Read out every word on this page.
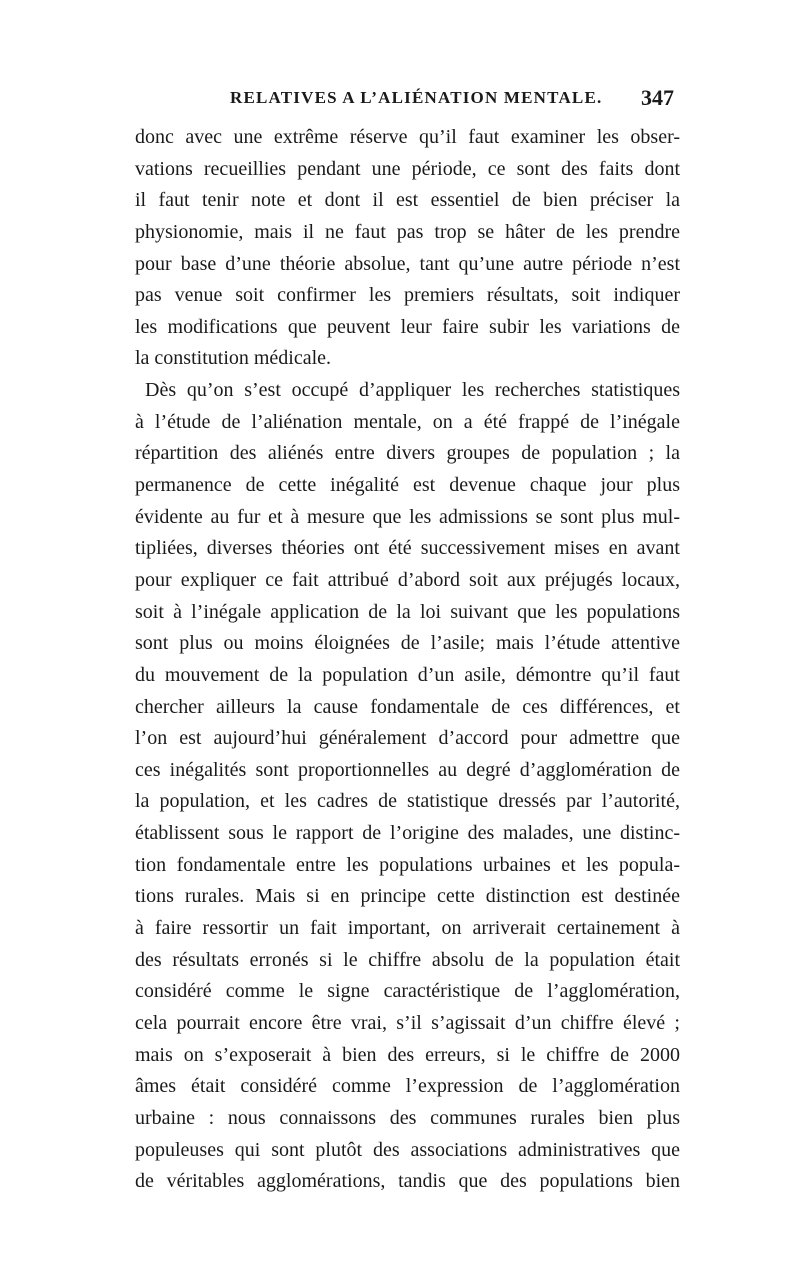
RELATIVES A L’ALIÉNATION MENTALE. 347
donc avec une extrême réserve qu’il faut examiner les obser-
vations recueillies pendant une période, ce sont des faits dont
il faut tenir note et dont il est essentiel de bien préciser la
physionomie, mais il ne faut pas trop se hâter de les prendre
pour base d’une théorie absolue, tant qu’une autre période n’est
pas venue soit confirmer les premiers résultats, soit indiquer
les modifications que peuvent leur faire subir les variations de
la constitution médicale.
Dès qu’on s’est occupé d’appliquer les recherches statistiques
à l’étude de l’aliénation mentale, on a été frappé de l’inégale
répartition des aliénés entre divers groupes de population ; la
permanence de cette inégalité est devenue chaque jour plus
évidente au fur et à mesure que les admissions se sont plus mul-
tipliées, diverses théories ont été successivement mises en avant
pour expliquer ce fait attribué d’abord soit aux préjugés locaux,
soit à l’inégale application de la loi suivant que les populations
sont plus ou moins éloignées de l’asile; mais l’étude attentive
du mouvement de la population d’un asile, démontre qu’il faut
chercher ailleurs la cause fondamentale de ces différences, et
l’on est aujourd’hui généralement d’accord pour admettre que
ces inégalités sont proportionnelles au degré d’agglomération de
la population, et les cadres de statistique dressés par l’autorité,
établissent sous le rapport de l’origine des malades, une distinc-
tion fondamentale entre les populations urbaines et les popula-
tions rurales. Mais si en principe cette distinction est destinée
à faire ressortir un fait important, on arriverait certainement à
des résultats erronés si le chiffre absolu de la population était
considéré comme le signe caractéristique de l’agglomération,
cela pourrait encore être vrai, s’il s’agissait d’un chiffre élevé ;
mais on s’exposerait à bien des erreurs, si le chiffre de 2000
âmes était considéré comme l’expression de l’agglomération
urbaine : nous connaissons des communes rurales bien plus
populeuses qui sont plutôt des associations administratives que
de véritables agglomérations, tandis que des populations bien
